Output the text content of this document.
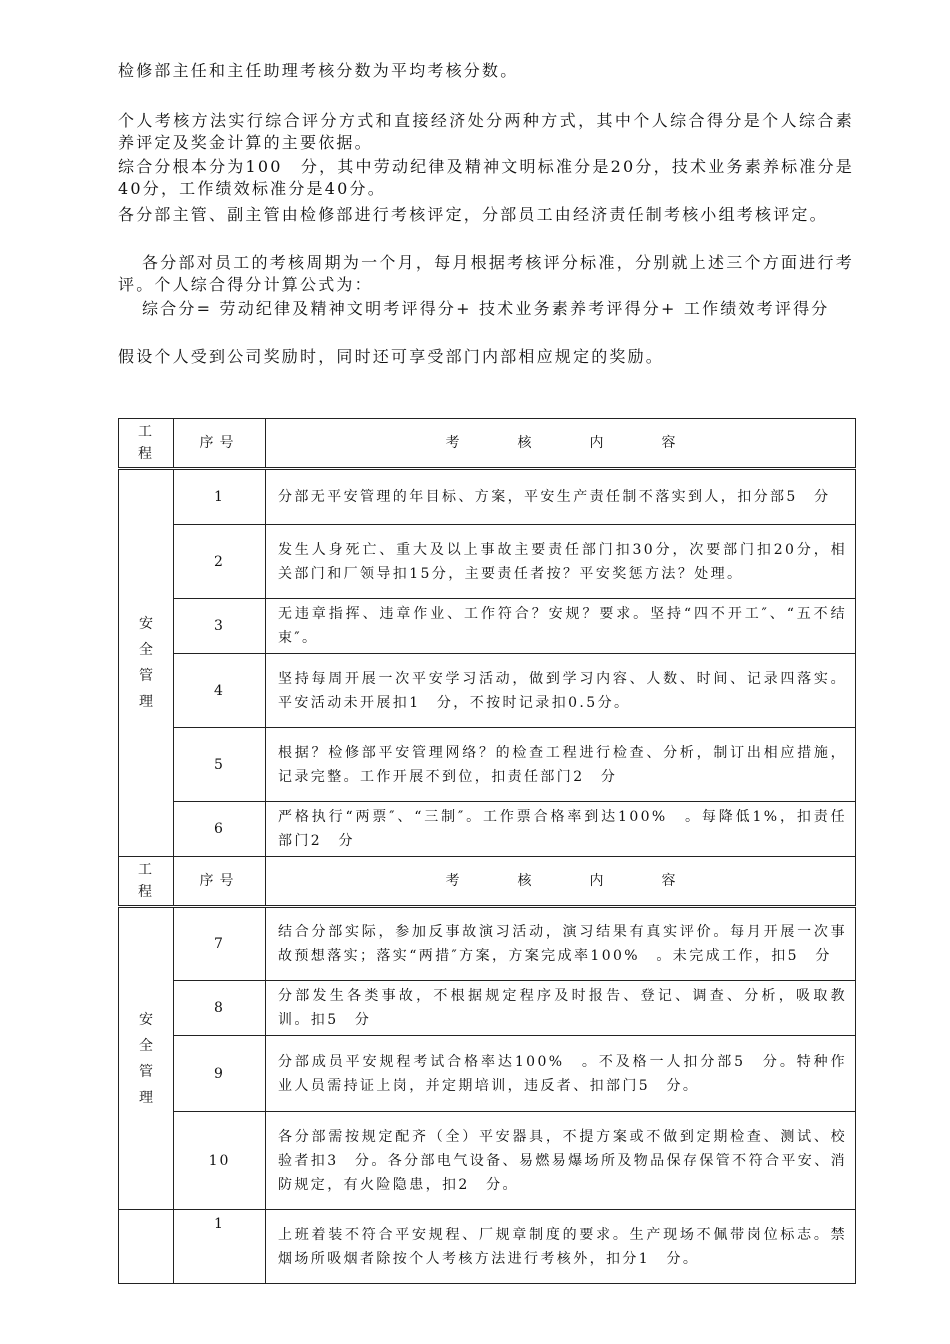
检修部主任和主任助理考核分数为平均考核分数。

个人考核方法实行综合评分方式和直接经济处分两种方式，其中个人综合得分是个人综合素养评定及奖金计算的主要依据。

综合分根本分为100　分，其中劳动纪律及精神文明标准分是20分，技术业务素养标准分是40分，工作绩效标准分是40分。

各分部主管、副主管由检修部进行考核评定，分部员工由经济责任制考核小组考核评定。

各分部对员工的考核周期为一个月，每月根据考核评分标准，分别就上述三个方面进行考评。个人综合得分计算公式为：

综合分= 劳动纪律及精神文明考评得分+ 技术业务素养考评得分+ 工作绩效考评得分

假设个人受到公司奖励时，同时还可享受部门内部相应规定的奖励。

工
程	序号	考 核 内 容

安
全
管
理	1	分部无平安管理的年目标、方案，平安生产责任制不落实到人，扣分部5　分
	2	发生人身死亡、重大及以上事故主要责任部门扣30分，次要部门扣20分，相关部门和厂领导扣15分，主要责任者按？平安奖惩方法？处理。
	3	无违章指挥、违章作业、工作符合？安规？要求。坚持“四不开工″、“五不结束″。
	4	坚持每周开展一次平安学习活动，做到学习内容、人数、时间、记录四落实。平安活动未开展扣1　分，不按时记录扣0.5分。
	5	根据？检修部平安管理网络？的检查工程进行检查、分析，制订出相应措施，记录完整。工作开展不到位，扣责任部门2　分
	6	严格执行“两票″、“三制″。工作票合格率到达100%　。每降低1%，扣责任部门2　分

工
程	序号	考 核 内 容

安
全
管
理	7	结合分部实际，参加反事故演习活动，演习结果有真实评价。每月开展一次事故预想落实；落实“两措″方案，方案完成率100%　。未完成工作，扣5　分
	8	分部发生各类事故，不根据规定程序及时报告、登记、调查、分析，吸取教训。扣5　分
	9	分部成员平安规程考试合格率达100%　。不及格一人扣分部5　分。特种作业人员需持证上岗，并定期培训，违反者、扣部门5　分。
	10	各分部需按规定配齐（全）平安器具，不提方案或不做到定期检查、测试、校验者扣3　分。各分部电气设备、易燃易爆场所及物品保存保管不符合平安、消防规定，有火险隐患，扣2　分。
	1	上班着装不符合平安规程、厂规章制度的要求。生产现场不佩带岗位标志。禁烟场所吸烟者除按个人考核方法进行考核外，扣分1　分。
